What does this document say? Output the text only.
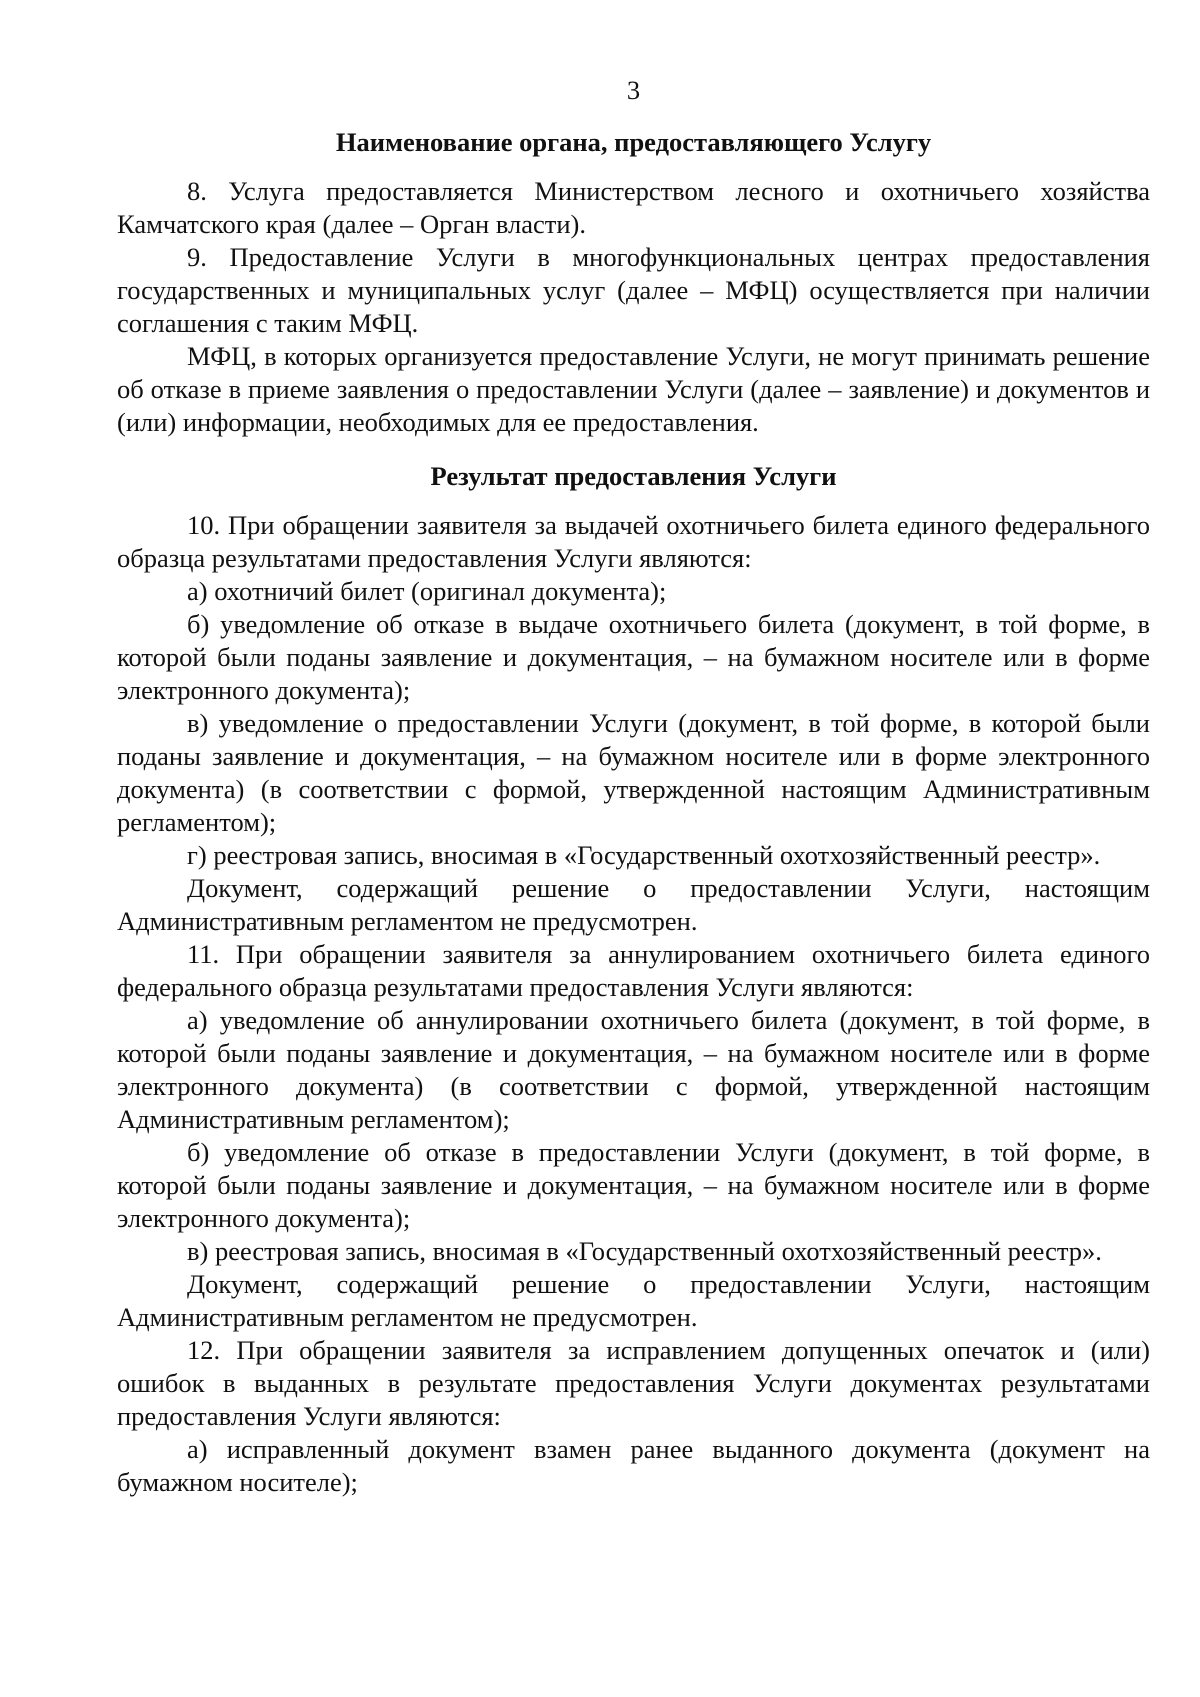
3
Наименование органа, предоставляющего Услугу

8. Услуга предоставляется Министерством лесного и охотничьего хозяйства Камчатского края (далее – Орган власти).

9. Предоставление Услуги в многофункциональных центрах предоставления государственных и муниципальных услуг (далее – МФЦ) осуществляется при наличии соглашения с таким МФЦ.

МФЦ, в которых организуется предоставление Услуги, не могут принимать решение об отказе в приеме заявления о предоставлении Услуги (далее – заявление) и документов и (или) информации, необходимых для ее предоставления.

Результат предоставления Услуги

10. При обращении заявителя за выдачей охотничьего билета единого федерального образца результатами предоставления Услуги являются:

а) охотничий билет (оригинал документа);

б) уведомление об отказе в выдаче охотничьего билета (документ, в той форме, в которой были поданы заявление и документация, – на бумажном носителе или в форме электронного документа);

в) уведомление о предоставлении Услуги (документ, в той форме, в которой были поданы заявление и документация, – на бумажном носителе или в форме электронного документа) (в соответствии с формой, утвержденной настоящим Административным регламентом);

г) реестровая запись, вносимая в «Государственный охотхозяйственный реестр».

Документ, содержащий решение о предоставлении Услуги, настоящим Административным регламентом не предусмотрен.

11. При обращении заявителя за аннулированием охотничьего билета единого федерального образца результатами предоставления Услуги являются:

а) уведомление об аннулировании охотничьего билета (документ, в той форме, в которой были поданы заявление и документация, – на бумажном носителе или в форме электронного документа) (в соответствии с формой, утвержденной настоящим Административным регламентом);

б) уведомление об отказе в предоставлении Услуги (документ, в той форме, в которой были поданы заявление и документация, – на бумажном носителе или в форме электронного документа);

в) реестровая запись, вносимая в «Государственный охотхозяйственный реестр».

Документ, содержащий решение о предоставлении Услуги, настоящим Административным регламентом не предусмотрен.

12. При обращении заявителя за исправлением допущенных опечаток и (или) ошибок в выданных в результате предоставления Услуги документах результатами предоставления Услуги являются:

а) исправленный документ взамен ранее выданного документа (документ на бумажном носителе);
